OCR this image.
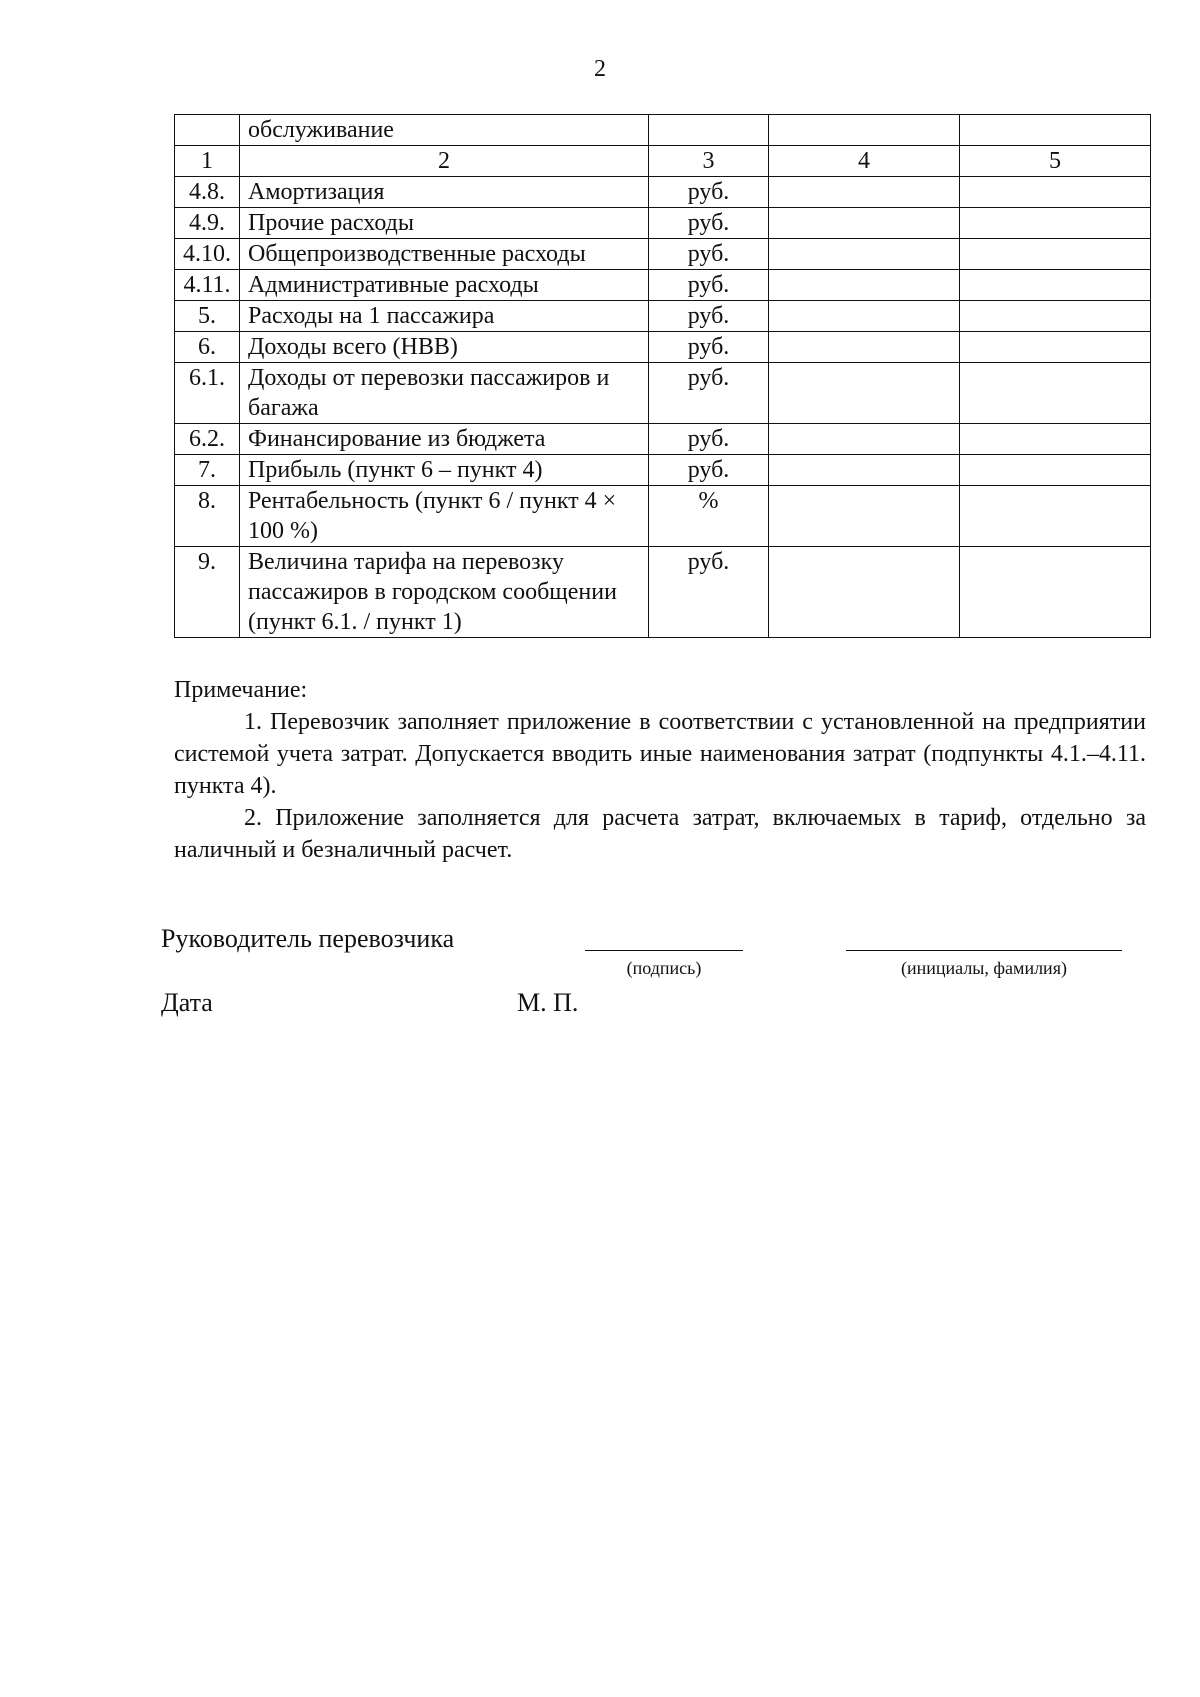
2
	обслуживание			
1	2	3	4	5
4.8.	Амортизация	руб.		
4.9.	Прочие расходы	руб.		
4.10.	Общепроизводственные расходы	руб.		
4.11.	Административные расходы	руб.		
5.	Расходы на 1 пассажира	руб.		
6.	Доходы всего (НВВ)	руб.		
6.1.	Доходы от перевозки пассажиров и багажа	руб.		
6.2.	Финансирование из бюджета	руб.		
7.	Прибыль (пункт 6 – пункт 4)	руб.		
8.	Рентабельность (пункт 6 / пункт 4 × 100 %)	%		
9.	Величина тарифа на перевозку пассажиров в городском сообщении (пункт 6.1. / пункт 1)	руб.		
Примечание:

1. Перевозчик заполняет приложение в соответствии с установленной на предприятии системой учета затрат. Допускается вводить иные наименования затрат (подпункты 4.1.–4.11. пункта 4).

2. Приложение заполняется для расчета затрат, включаемых в тариф, отдельно за наличный и безналичный расчет.

Руководитель перевозчика
(подпись)	(инициалы, фамилия)
Дата	М. П.
